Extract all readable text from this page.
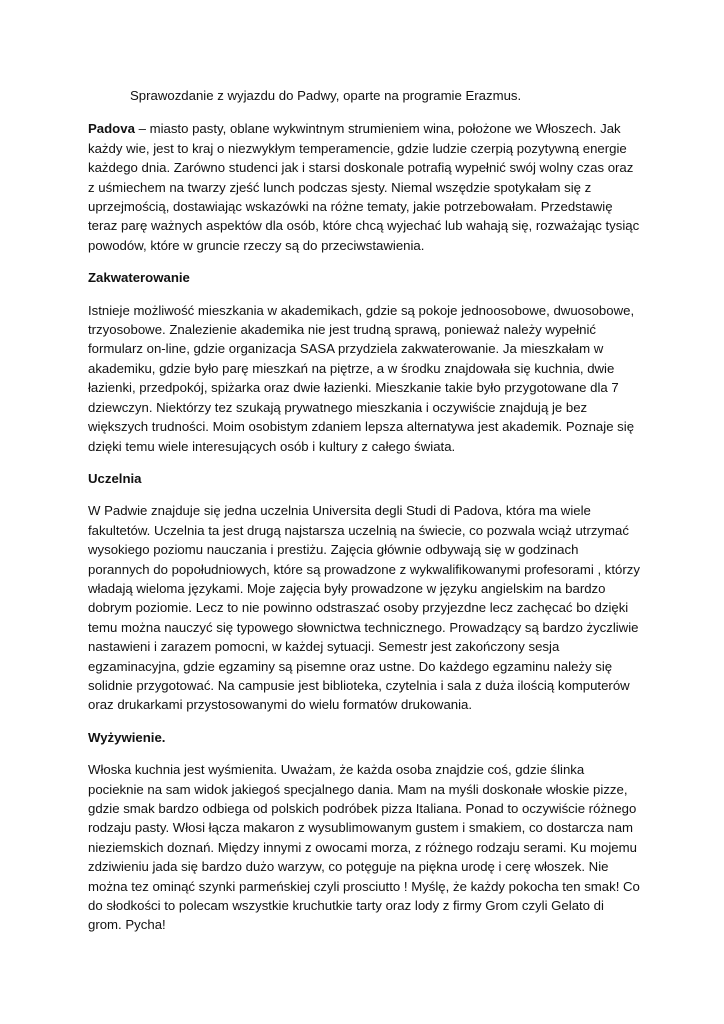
Sprawozdanie z wyjazdu do Padwy, oparte na programie Erazmus.

Padova – miasto pasty, oblane wykwintnym strumieniem wina, położone we Włoszech. Jak każdy wie, jest to kraj o niezwykłym temperamencie, gdzie ludzie czerpią pozytywną energie każdego dnia. Zarówno studenci jak i starsi doskonale potrafią wypełnić swój wolny czas oraz z uśmiechem na twarzy zjeść lunch podczas sjesty. Niemal wszędzie spotykałam się z uprzejmością, dostawiając wskazówki na różne tematy, jakie potrzebowałam. Przedstawię teraz parę ważnych aspektów dla osób, które chcą wyjechać lub wahają się, rozważając tysiąc powodów, które w gruncie rzeczy są do przeciwstawienia.

Zakwaterowanie

Istnieje możliwość mieszkania w akademikach, gdzie są pokoje jednoosobowe, dwuosobowe, trzyosobowe. Znalezienie akademika nie jest trudną sprawą, ponieważ należy wypełnić formularz on-line, gdzie organizacja SASA przydziela zakwaterowanie. Ja mieszkałam w akademiku, gdzie było parę mieszkań na piętrze, a w środku znajdowała się kuchnia, dwie łazienki, przedpokój, spiżarka oraz dwie łazienki. Mieszkanie takie było przygotowane dla 7 dziewczyn. Niektórzy tez szukają prywatnego mieszkania i oczywiście znajdują je bez większych trudności. Moim osobistym zdaniem lepsza alternatywa jest akademik. Poznaje się dzięki temu wiele interesujących osób i kultury z całego świata.

Uczelnia

W Padwie znajduje się jedna uczelnia Universita degli Studi di Padova, która ma wiele fakultetów. Uczelnia ta jest drugą najstarsza uczelnią na świecie, co pozwala wciąż utrzymać wysokiego poziomu nauczania i prestiżu. Zajęcia głównie odbywają się w godzinach porannych do popołudniowych, które są prowadzone z wykwalifikowanymi profesorami , którzy władają wieloma językami. Moje zajęcia były prowadzone w języku angielskim na bardzo dobrym poziomie. Lecz to nie powinno odstraszać osoby przyjezdne lecz zachęcać bo dzięki temu można nauczyć się typowego słownictwa technicznego. Prowadzący są bardzo życzliwie nastawieni i zarazem pomocni, w każdej sytuacji. Semestr jest zakończony sesja egzaminacyjna, gdzie egzaminy są pisemne oraz ustne. Do każdego egzaminu należy się solidnie przygotować. Na campusie jest biblioteka, czytelnia i sala z duża ilością komputerów oraz drukarkami przystosowanymi do wielu formatów drukowania.

Wyżywienie.

Włoska kuchnia jest wyśmienita. Uważam, że każda osoba znajdzie coś, gdzie ślinka pocieknie na sam widok jakiegoś specjalnego dania. Mam na myśli doskonałe włoskie pizze, gdzie smak bardzo odbiega od polskich podróbek pizza Italiana. Ponad to oczywiście różnego rodzaju pasty. Włosi łącza makaron z wysublimowanym gustem i smakiem, co dostarcza nam nieziemskich doznań. Między innymi z owocami morza, z różnego rodzaju serami. Ku mojemu zdziwieniu jada się bardzo dużo warzyw, co potęguje na piękna urodę i cerę włoszek. Nie można tez ominąć szynki parmeńskiej czyli prosciutto ! Myślę, że każdy pokocha ten smak! Co do słodkości to polecam wszystkie kruchutkie tarty oraz lody z firmy Grom czyli Gelato di grom. Pycha!
